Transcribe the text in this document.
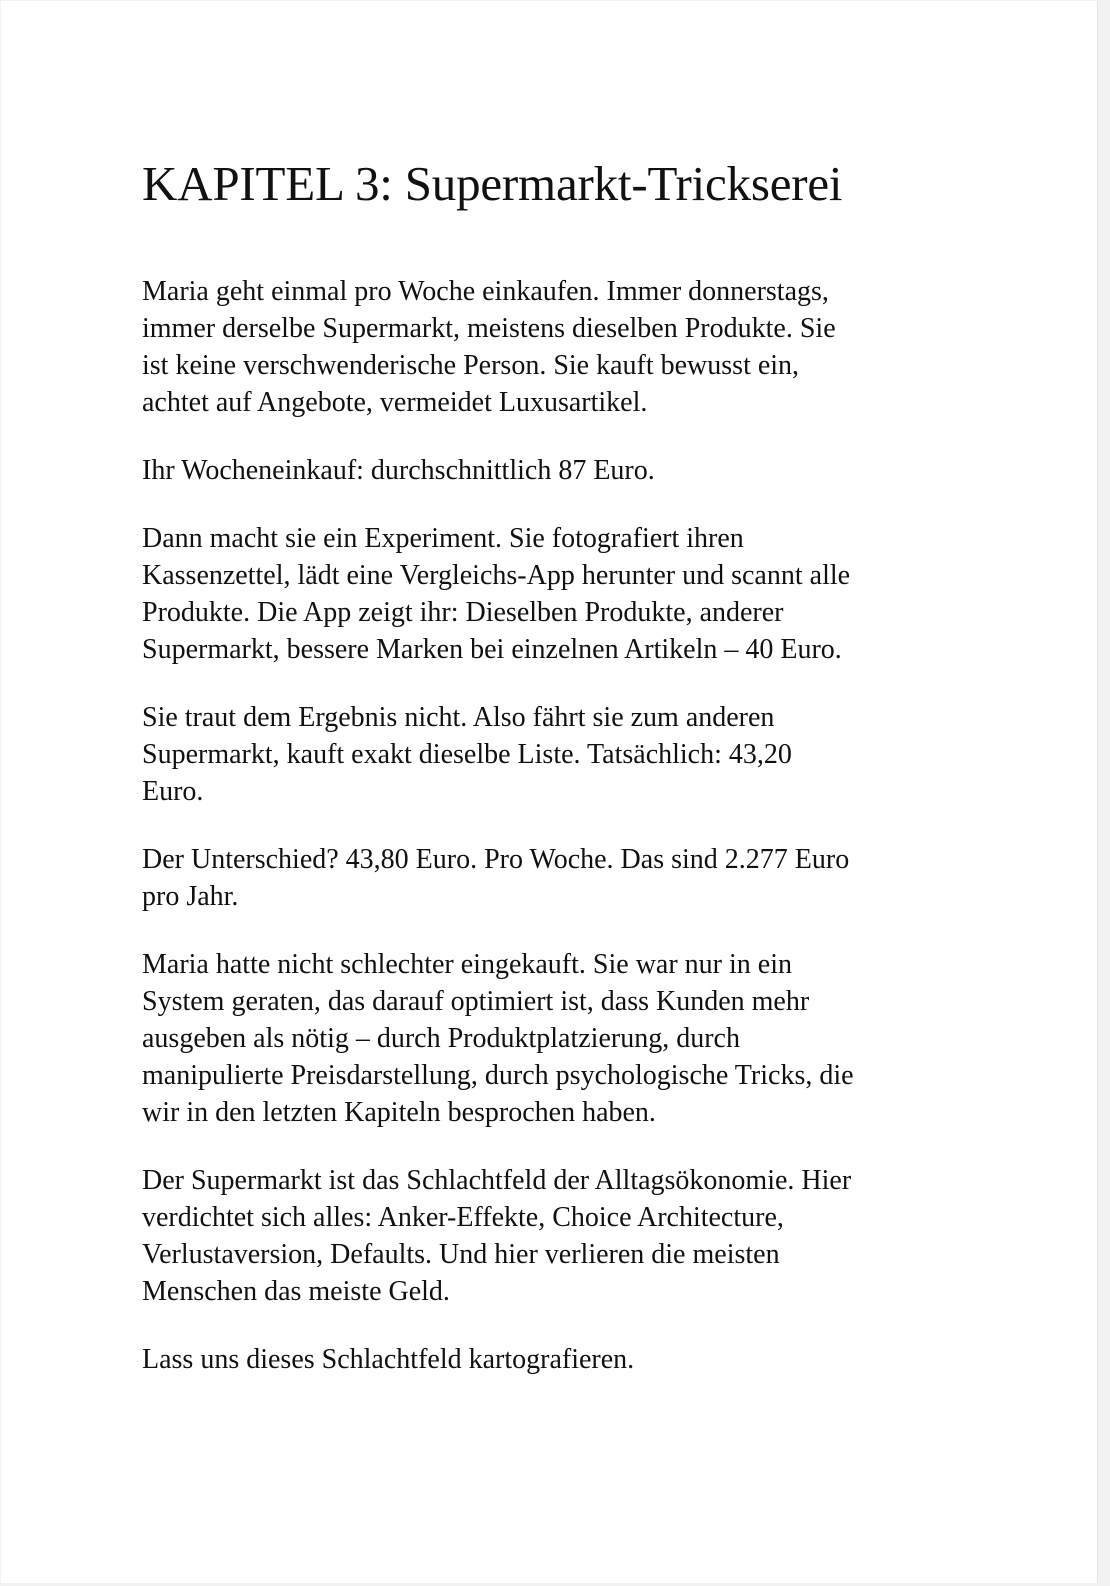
KAPITEL 3: Supermarkt-Trickserei

Maria geht einmal pro Woche einkaufen. Immer donnerstags,
immer derselbe Supermarkt, meistens dieselben Produkte. Sie
ist keine verschwenderische Person. Sie kauft bewusst ein,
achtet auf Angebote, vermeidet Luxusartikel.

Ihr Wocheneinkauf: durchschnittlich 87 Euro.

Dann macht sie ein Experiment. Sie fotografiert ihren
Kassenzettel, lädt eine Vergleichs-App herunter und scannt alle
Produkte. Die App zeigt ihr: Dieselben Produkte, anderer
Supermarkt, bessere Marken bei einzelnen Artikeln – 40 Euro.

Sie traut dem Ergebnis nicht. Also fährt sie zum anderen
Supermarkt, kauft exakt dieselbe Liste. Tatsächlich: 43,20
Euro.

Der Unterschied? 43,80 Euro. Pro Woche. Das sind 2.277 Euro
pro Jahr.

Maria hatte nicht schlechter eingekauft. Sie war nur in ein
System geraten, das darauf optimiert ist, dass Kunden mehr
ausgeben als nötig – durch Produktplatzierung, durch
manipulierte Preisdarstellung, durch psychologische Tricks, die
wir in den letzten Kapiteln besprochen haben.

Der Supermarkt ist das Schlachtfeld der Alltagsökonomie. Hier
verdichtet sich alles: Anker-Effekte, Choice Architecture,
Verlustaversion, Defaults. Und hier verlieren die meisten
Menschen das meiste Geld.

Lass uns dieses Schlachtfeld kartografieren.
